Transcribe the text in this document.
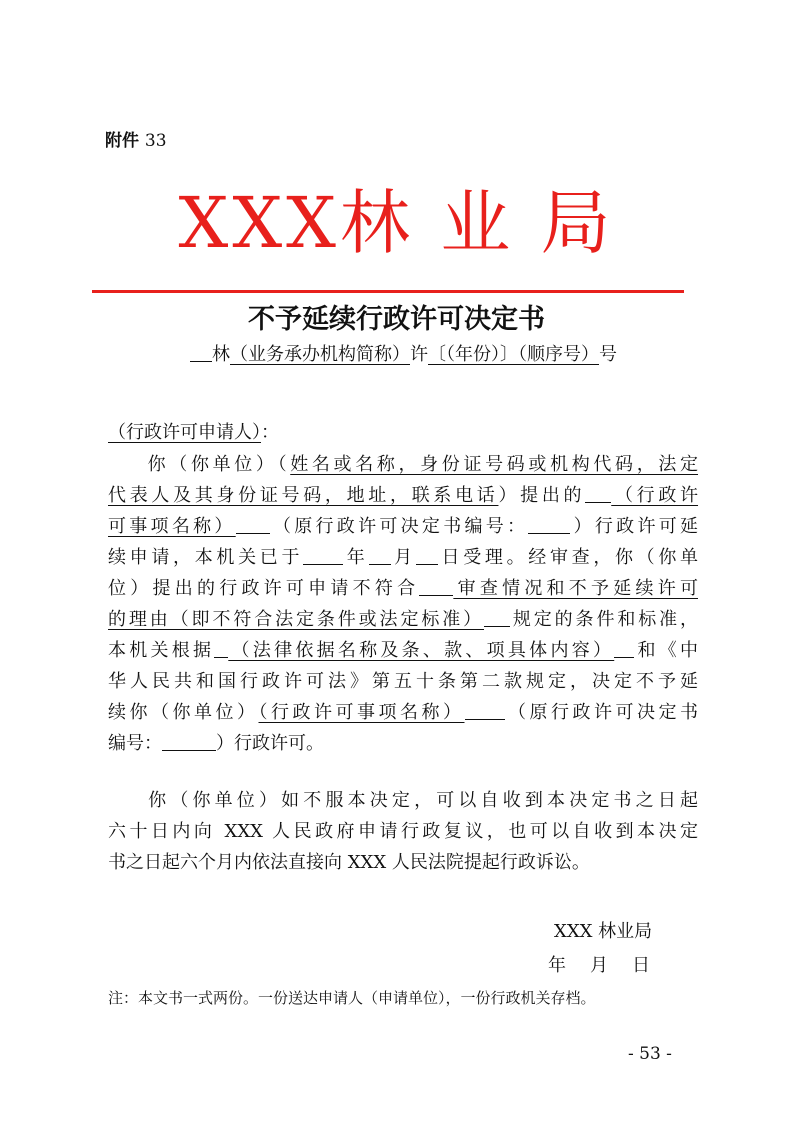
附件 33
XXX林 业 局
不予延续行政许可决定书
林（业务承办机构简称）许〔（年份）〕（顺序号）号
（行政许可申请人）：
你（你单位）（姓名或名称，身份证号码或机构代码，法定
代表人及其身份证号码，地址，联系电话）提出的 （行政许
可事项名称） （原行政许可决定书编号： ）行政许可延
续申请，本机关已于 年 月 日受理。经审查，你（你单
位）提出的行政许可申请不符合 审查情况和不予延续许可
的理由（即不符合法定条件或法定标准） 规定的条件和标准，
本机关根据 （法律依据名称及条、款、项具体内容） 和《中
华人民共和国行政许可法》第五十条第二款规定，决定不予延
续你（你单位）（行政许可事项名称） （原行政许可决定书
编号：	）行政许可。
你（你单位）如不服本决定，可以自收到本决定书之日起
六十日内向 XXX 人民政府申请行政复议，也可以自收到本决定
书之日起六个月内依法直接向 XXX 人民法院提起行政诉讼。
XXX 林业局
年 月 日
注：本文书一式两份。一份送达申请人（申请单位），一份行政机关存档。
- 53 -
